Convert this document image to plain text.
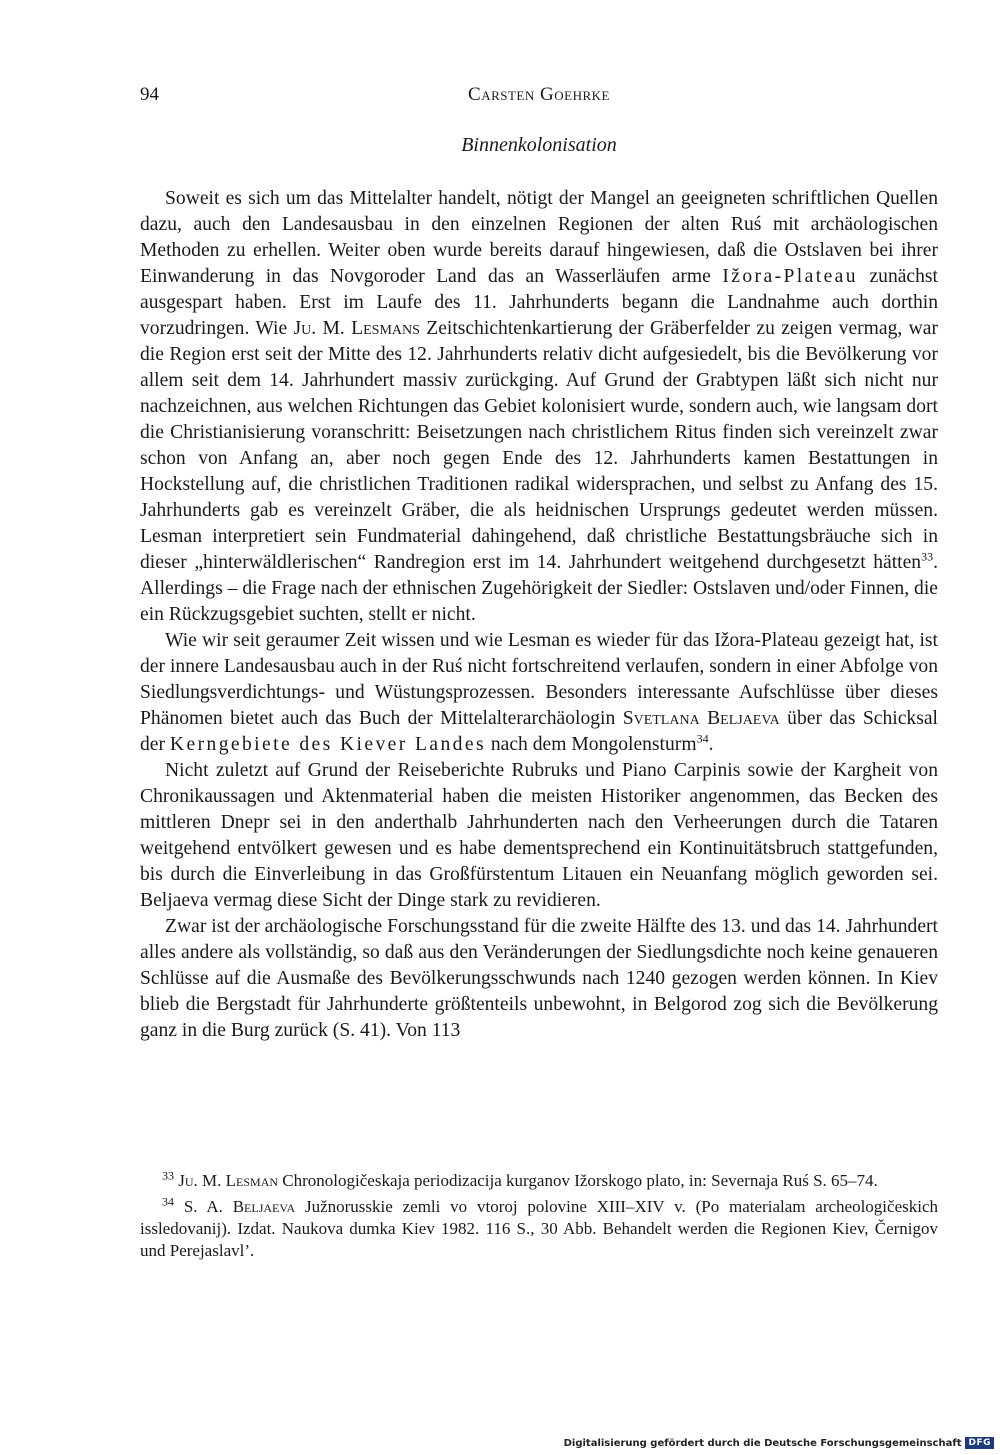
94	Carsten Goehrke
Binnenkolonisation

Soweit es sich um das Mittelalter handelt, nötigt der Mangel an geeigneten schriftlichen Quellen dazu, auch den Landesausbau in den einzelnen Regionen der alten Ruś mit archäologischen Methoden zu erhellen. Weiter oben wurde bereits darauf hingewiesen, daß die Ostslaven bei ihrer Einwanderung in das Novgoroder Land das an Wasserläufen arme Ižora-Plateau zunächst ausgespart haben. Erst im Laufe des 11. Jahrhunderts begann die Landnahme auch dorthin vorzudringen. Wie Ju. M. Lesmans Zeitschichtenkartierung der Gräberfelder zu zeigen vermag, war die Region erst seit der Mitte des 12. Jahrhunderts relativ dicht aufgesiedelt, bis die Bevölkerung vor allem seit dem 14. Jahrhundert massiv zurückging. Auf Grund der Grabtypen läßt sich nicht nur nachzeichnen, aus welchen Richtungen das Gebiet kolonisiert wurde, sondern auch, wie langsam dort die Christianisierung voranschritt: Beisetzungen nach christlichem Ritus finden sich vereinzelt zwar schon von Anfang an, aber noch gegen Ende des 12. Jahrhunderts kamen Bestattungen in Hockstellung auf, die christlichen Traditionen radikal widersprachen, und selbst zu Anfang des 15. Jahrhunderts gab es vereinzelt Gräber, die als heidnischen Ursprungs gedeutet werden müssen. Lesman interpretiert sein Fundmaterial dahingehend, daß christliche Bestattungsbräuche sich in dieser „hinterwäldlerischen“ Randregion erst im 14. Jahrhundert weitgehend durchgesetzt hätten$^{33}$. Allerdings – die Frage nach der ethnischen Zugehörigkeit der Siedler: Ostslaven und/oder Finnen, die ein Rückzugsgebiet suchten, stellt er nicht.

Wie wir seit geraumer Zeit wissen und wie Lesman es wieder für das Ižora-Plateau gezeigt hat, ist der innere Landesausbau auch in der Ruś nicht fortschreitend verlaufen, sondern in einer Abfolge von Siedlungsverdichtungs- und Wüstungsprozessen. Besonders interessante Aufschlüsse über dieses Phänomen bietet auch das Buch der Mittelalterarchäologin Svetlana Beljaeva über das Schicksal der Kerngebiete des Kiever Landes nach dem Mongolensturm$^{34}$.

Nicht zuletzt auf Grund der Reiseberichte Rubruks und Piano Carpinis sowie der Kargheit von Chronikaussagen und Aktenmaterial haben die meisten Historiker angenommen, das Becken des mittleren Dnepr sei in den anderthalb Jahrhunderten nach den Verheerungen durch die Tataren weitgehend entvölkert gewesen und es habe dementsprechend ein Kontinuitätsbruch stattgefunden, bis durch die Einverleibung in das Großfürstentum Litauen ein Neuanfang möglich geworden sei. Beljaeva vermag diese Sicht der Dinge stark zu revidieren.

Zwar ist der archäologische Forschungsstand für die zweite Hälfte des 13. und das 14. Jahrhundert alles andere als vollständig, so daß aus den Veränderungen der Siedlungsdichte noch keine genaueren Schlüsse auf die Ausmaße des Bevölkerungsschwunds nach 1240 gezogen werden können. In Kiev blieb die Bergstadt für Jahrhunderte größtenteils unbewohnt, in Belgorod zog sich die Bevölkerung ganz in die Burg zurück (S. 41). Von 113

$^{33}$ Ju. M. Lesman Chronologičeskaja periodizacija kurganov Ižorskogo plato, in: Severnaja Ruś S. 65–74.

$^{34}$ S. A. Beljaeva Južnorusskie zemli vo vtoroj polovine XIII–XIV v. (Po materialam archeologičeskich issledovanij). Izdat. Naukova dumka Kiev 1982. 116 S., 30 Abb. Behandelt werden die Regionen Kiev, Černigov und Perejaslavl’.

Digitalisierung gefördert durch die Deutsche Forschungsgemeinschaft DFG
